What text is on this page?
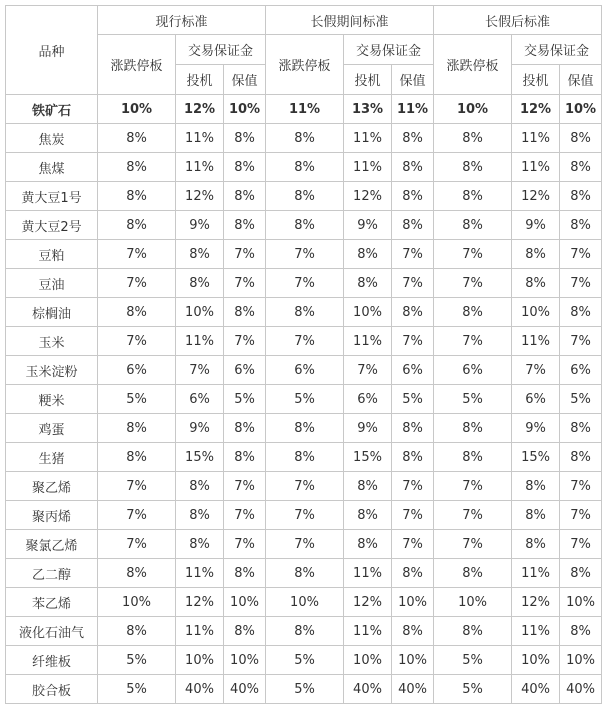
品种	现行标准			长假期间标准			长假后标准		
	涨跌停板	交易保证金		涨跌停板	交易保证金		涨跌停板	交易保证金	
		投机	保值		投机	保值		投机	保值
铁矿石	10%	12%	10%	11%	13%	11%	10%	12%	10%
焦炭	8%	11%	8%	8%	11%	8%	8%	11%	8%
焦煤	8%	11%	8%	8%	11%	8%	8%	11%	8%
黄大豆1号	8%	12%	8%	8%	12%	8%	8%	12%	8%
黄大豆2号	8%	9%	8%	8%	9%	8%	8%	9%	8%
豆粕	7%	8%	7%	7%	8%	7%	7%	8%	7%
豆油	7%	8%	7%	7%	8%	7%	7%	8%	7%
棕榈油	8%	10%	8%	8%	10%	8%	8%	10%	8%
玉米	7%	11%	7%	7%	11%	7%	7%	11%	7%
玉米淀粉	6%	7%	6%	6%	7%	6%	6%	7%	6%
粳米	5%	6%	5%	5%	6%	5%	5%	6%	5%
鸡蛋	8%	9%	8%	8%	9%	8%	8%	9%	8%
生猪	8%	15%	8%	8%	15%	8%	8%	15%	8%
聚乙烯	7%	8%	7%	7%	8%	7%	7%	8%	7%
聚丙烯	7%	8%	7%	7%	8%	7%	7%	8%	7%
聚氯乙烯	7%	8%	7%	7%	8%	7%	7%	8%	7%
乙二醇	8%	11%	8%	8%	11%	8%	8%	11%	8%
苯乙烯	10%	12%	10%	10%	12%	10%	10%	12%	10%
液化石油气	8%	11%	8%	8%	11%	8%	8%	11%	8%
纤维板	5%	10%	10%	5%	10%	10%	5%	10%	10%
胶合板	5%	40%	40%	5%	40%	40%	5%	40%	40%
